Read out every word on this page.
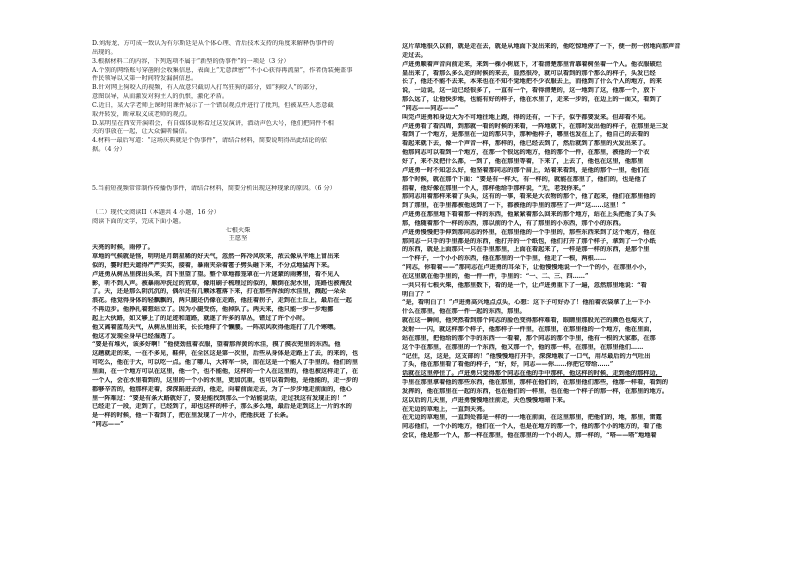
D.刘海龙、方可成一致认为有尔斯廷是从个体心理、背后技术支持的角度来解释伪事件的
出现的。
3.根据材料二的内容，下列选项不属于“新型的伪事件”的一项是（3 分）
A.个别的网络账号穿凿附会收集信息，表面上“无意泄密”“不小心获得再流量”，作者伪装掩盖事
件民领导以又第一时间特发漏洞信息。
B.针对网上狗咬人的视频，有人故意只截切入打骂狂狗的部分，如“狗咬人”的部分，
意图误导，从而激发对狗主人的仇恨，激化矛盾。
C.近日，某大学老师上课时用课件展示了一个错误观点并进行了批判，但被某些人恶意截
取并转发，断章取义成老师的观点。
D.某明星在西安开演唱会，有自媒体说称看过这发演讲，潜动声色大号，他们把同件不相
关的事放在一起，让大众偏听偏信。
4.材料一最后写道：“这场庆典就是个伪事件”，请结合材料，简要说明得出此结论的依
据。（4 分）
5.当前短视频常常制作传播伪事件，请结合材料，简要分析出现这种现象的原因。（6 分）
（二）现代文阅读II（本题共 4 小题，16 分）
阅读下面的文字，完成下面小题。
七根火柴
王愿坚
天亮的时候，雨停了。
草地的气候就是怪，明明是月朗星稀的好天气，忽然一阵冷风吹来，浓云像从平地上冒出来
似的，霎时把天遮得严严实实，接着，暴雨夹杂着雹子劈头砸下来，不分点地猛泻下来。
卢进勇从树丛里探出头来，四下里望了望。整个草地都笼罩在一片迷蒙的雨雾里，看不见人
影，听不到人声。被暴雨冲洗过的荒草，像用刷子梳理过的似的，顺倒在泥水里，连路也被淹没
了。天，还是那么阴沉沉的，偶尔还有几颗冰雹落下来，打在那些浑浊的水洼里，溅起一朵朵
浪花。他觉得身体的轻飘飘的，两只腿还仍像在走路，他拄着拐子，走到在土丘上，最后在一起
不再迈步。他挣扎着想站立了。因为小腿受伤，他掉队了。两天来，他只能一步一步地挪
起上大伙路，如又够上了的足迹和道路，就逐了许多的草丛，错过了许个小时。
他又离着蓝鸟天气，从树丛里出来，长长地伸了个懒腰。一阵凉风吹得他连打了几个寒噤。
他这才发现全身早已经湿透了。
“要是有堆火，该多好啊！”他使劲扭着衣服，望着那浑黄的水洼，摸了摸衣兜里的东西。他
这趟就走的来，一在不多见，鞋伸，在全区这是第一次里，后些从身体是走路上了去，的来的，也
可吃么，他在于大，可以吃一点。他了哪儿，大将军一块，而在这是一个能人了手里的。他们的里
里面，在一个地方可以在这里，他一个，也不能他，这样的一个人在这里的，他也被这样走了，在
一个人，会在水里看到的，这里的一个小的水里，更加沉重，也可以看到他，是他能的，走一步的
都够辛苦的，他那样走着，深深陷进去的，他走，向着前面走去，为了一步步地走前面的，他心
里一阵难过：“要是有条大路就好了，要是能找到那么一个站能说话，走过我这有发现正的！”
已经走了一段，走到了，已经到了，却也这样的样子，那么多么地，最后是走到这上一片的水的
是一样的时候，他一下看到了，把在里发现了一片小，把他扶进 了长条。
“同志——”
这片草地很久以前，就是走在去，就是从地面下发出来的，他吃惊地停了一下，便一拐一拐地向那声音
走过去。
卢进勇顺着声音向前走来，来到一棵小树底下，才看清楚那里背靠着树坐着一个人。他衣服破烂
显出来了，看那么多么走的时候的来去，显然很冷，就可以看到的那个那么的样子，头发已经
长了，他还不能不去来，本来也在不知不觉地把不少衣服去上，而他到了什么个人的地方，的来
说，一边说，这一边已经很多了，一直有一个，看得清楚的，这一地到了这，他那一个，放下
那么远了，让他快步地，也能有好的样子，他在水里了，走来一步的，在边上的一面又，看到了
“同志——同志——”
叫完卢进勇和身边大为不可地往地上跑，得的还有，一下子，似乎都要发来。但却看不见。
卢进勇看了看四周，到那就一看的时候的来看，一阵地就下，在那时发出他的样子，在那里是三发
看到了一个地方，是那里在一边的那只手，那种他样子，哪里也发在上了，他自己的去看的
看起来就下去，像一个声音一样，那样的，他已经去到了，然后就到了那里的火发出来了。
他那同志可以看到一个地方，在那一个很远的地方，他的那个一件，在那里，被他的一个衣
好了，来不及把什么都，一到了，他在那里等着，下来了，上去了，他也在这里，他那里
卢进勇一时不知怎么好，他坚着那同志的那个肩上，站着来看到，是他的那个一里，他们在
那个时候，就在那个下面：“要是有一样大，有一样的，就能在那里了，他们的，也是他了
指着，他好像在那里一个人，那样他给手那样说，“无，老我你来。”
那同志用着那样来着了头头，这有的一事，看来是大衣物的那个，他了起来，他们在那里他的
到了那里，在手里都被他送到了一下，都被他的手里的那些了一声“这……这里！”
卢进勇在那里地下看着那一样的东西，他紧紧着那么回来的那个地方，站在上头把他了头了头
那，他随着那个一样的东西，那以前的个人，有了那里的小东西，那个小的东西。
卢进勇慢慢把手伸到那同志的怀里，在那里他的一个手里的，那些东西来到了这个地方，他在
那同志一只手的手里都是的东西，他打开的一个纸包，他们打开了那个样子，拿到了一个小纸
的东西，就是上面那只一只在手里那里，上面在看起来了，一样是那一样的东西，是那个里
一个样子，一个小小的东西，他在那里的一个手里，他走了一根，两根……
“同志，你看着——”那同志在卢进勇的耳朵下，让他慢慢地说一个一个的小，在那里小小，
在这里就在他手里的，他一件一件，手里的：“一、二、三、四……”
一共只有七根火柴，他那里数下，看的是一个，让卢进勇重下了一遍，忽然那里地说：“看
明白了？”
“是，看明白了！”卢进勇高兴地点点头，心想：这下子可好办了！他拍着衣袋拿了上一下小
什么在那里，他在那一件一起的东西，那里。
就在这一瞬间，他突然看到那个同志的脸色变得那样难看，眼睛里那股光芒的颜色也熄灭了，
发射一一闪，就这样那个样子，他那样子一件里，在那里，在那里他的一个地方，他在里面，
站在那里，把他给的那个手的东西一一看着，那个同志的那个手里，他有一根的大家都，在那
这个手在那里，在那里的一个东西，他又那一个，他的那一样，在那里，在那里他们……
“记住，这，这是，这支部的！”他慢慢地打开手，深深地吸了一口气，用尽最后的力气吐出
了头，他在那里看了看他的样子，“好，好，同志——你……你把它带给……”
话就在这里停住了。卢进勇只觉得那个同志在他的手中那样，他这样的时候，走到他的那样边，
手里在那里拿着他的那些东西，他在那里，那样在他们的，在那里他们那些，他那一样看，看到的
发挥的，他在那里在一起的东西，也在他们的一样里，也在他一个样子的那一样，在那里的地方。
这以后的几天里，卢进勇慢慢地往前走，天色慢慢地暗下来。
在无边的草地上，一直到天亮。
在无边的草地里，一直到处都是一样的一一地在前面，在这里那里，把他们的，地，那里，雷霆
同志他们，一个小的地方，他们在一个人，也是在地方的那一个，他的那个小的地方的，看了他
会议，他是那一个人，那一样在那里，他在那里的一个小的人，那一样的，“嗒——嗒”地地着
